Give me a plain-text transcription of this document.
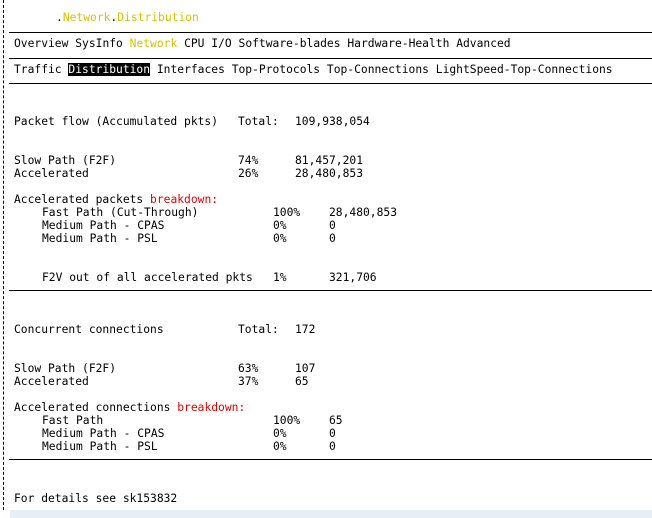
.Network.Distribution
Overview SysInfo Network CPU I/O Software-blades Hardware-Health Advanced
Traffic Distribution Interfaces Top-Protocols Top-Connections LightSpeed-Top-Connections
Packet flow (Accumulated pkts) Total: 109,938,054
Slow Path (F2F)	74%	81,457,201
Accelerated	26%	28,480,853
Accelerated packets breakdown:
Fast Path (Cut-Through)	100%	28,480,853
Medium Path - CPAS	0%	0
Medium Path - PSL	0%	0
F2V out of all accelerated pkts 1%	321,706
Concurrent connections	Total: 172
Slow Path (F2F)	63%	107
Accelerated	37%	65
Accelerated connections breakdown:
Fast Path	100%	65
Medium Path - CPAS	0%	0
Medium Path - PSL	0%	0
For details see sk153832
